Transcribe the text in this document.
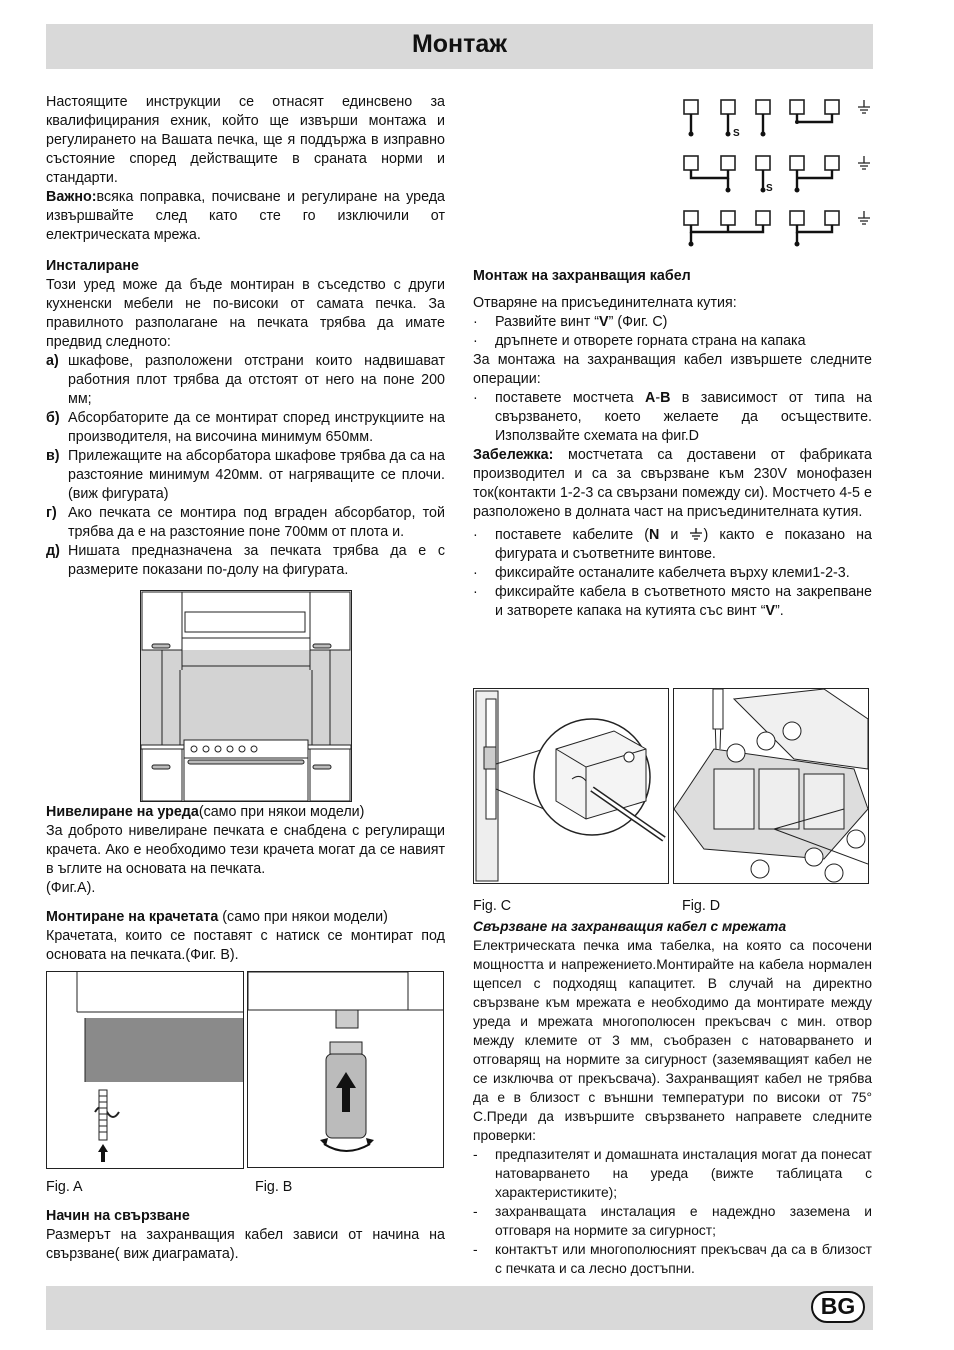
Монтаж

Настоящите инструкции се отнасят единсвено за квалифицирания ехник, който ще извърши монтажа и регулирането на Вашата печка, ще я поддържа в изправно състояние според действащите в сраната норми и стандарти.

Важно:всяка поправка, почисване и регулиране на уреда извършвайте след като сте го изключили от електрическата мрежа.

Инсталиране

Този уред може да бъде монтиран в съседство с други кухненски мебели не по-високи от самата печка. За правилното разполагане на печката трябва да имате предвид следното:

а) шкафове, разположени отстрани които надвишават работния плот трябва да отстоят от него на поне 200 мм;
б) Абсорбаторите да се монтират според инструкциите на производителя, на височина минимум 650мм.
в) Прилежащите на абсорбатора шкафове трябва да са на разстояние минимум 420мм. от нагряващите се плочи.(виж фигурата)
г) Ако печката се монтира под вграден абсорбатор, той трябва да е на разстояние поне 700мм от плота и.
д) Нишата предназначена за печката трябва да е с размерите показани по-долу на фигурата.

Нивелиране на уреда(само при някои модели)

За доброто нивелиране печката е снабдена с регулиращи крачета. Ако е необходимо тези крачета могат да се навият в ъглите на основата на печката.

(Фиг.А).

Монтиране на крачетата (само при някои модели)

Крачетата, които се поставят с натиск се монтират под основата на печката.(Фиг. B).

Fig. A	Fig. B

Начин на свързване

Размерът на захранващия кабел зависи от начина на свързване( виж диаграмата).

S
S

Монтаж на захранващия кабел

Отваряне на присъединителната кутия:

·	Развийте винт “V” (Фиг. C)
·	дръпнете и отворете горната страна на капака

За монтажа на захранващия кабел извършете следните операции:

·	поставете мостчета A-B в зависимост от типа на свързването, което желаете да осъществите. Използвайте схемата на фиг.D

Забележка: мостчетата са доставени от фабриката производител и са за свързване към 230V монофазен ток(контакти 1-2-3 са свързани помежду си). Мостчето 4-5 е разположено в долната част на присъединителната кутия.

·	поставете кабелите (N и ) както е показано на фигурата и съответните винтове.
·	фиксирайте останалите кабелчета върху клеми1-2-3.
·	фиксирайте кабела в съответното място на закрепване и затворете капака на кутията със винт “V”.
Fig. C	Fig. D

Свързване на захранващия кабел с мрежата

Електрическата печка има табелка, на която са посочени мощността и напрежението.Монтирайте на кабела нормален щепсел с подходящ капацитет. В случай на директно свързване към мрежата е необходимо да монтирате между уреда и мрежата многополюсен прекъсвач с мин. отвор между клемите от 3 мм, съобразен с натоварването и отговарящ на нормите за сигурност (заземяващият кабел не се изключва от прекъсвача). Захранващият кабел не трябва да е в близост с външни температури по високи от 75° С.Преди да извършите свързването направете следните проверки:

-	предпазителят и домашната инсталация могат да понесат натоварването на уреда (вижте таблицата с характеристиките);
-	захранващата инсталация е надеждно заземена и отговаря на нормите за сигурност;
-	контактът или многополюсният прекъсвач да са в близост с печката и са лесно достъпни.
BG
